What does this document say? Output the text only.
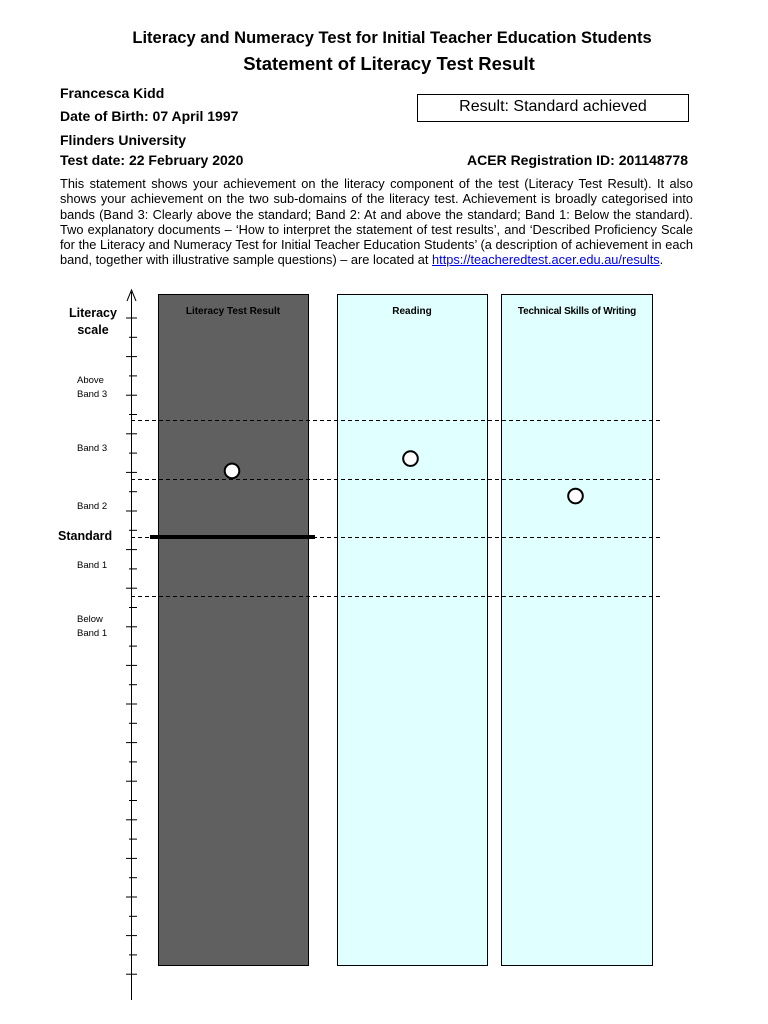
Literacy and Numeracy Test for Initial Teacher Education Students
Statement of Literacy Test Result
Francesca Kidd
Date of Birth: 07 April 1997
Flinders University
Test date: 22 February 2020	ACER Registration ID: 201148778
Result: Standard achieved
This statement shows your achievement on the literacy component of the test (Literacy Test Result). It also shows your achievement on the two sub-domains of the literacy test. Achievement is broadly categorised into bands (Band 3: Clearly above the standard; Band 2: At and above the standard; Band 1: Below the standard). Two explanatory documents – ‘How to interpret the statement of test results’, and ‘Described Proficiency Scale for the Literacy and Numeracy Test for Initial Teacher Education Students’ (a description of achievement in each band, together with illustrative sample questions) – are located at https://teacheredtest.acer.edu.au/results.
Literacy
scale
Above
Band 3
Band 3
Band 2
Standard
Band 1
Below
Band 1
Literacy Test Result	Reading	Technical Skills of Writing
